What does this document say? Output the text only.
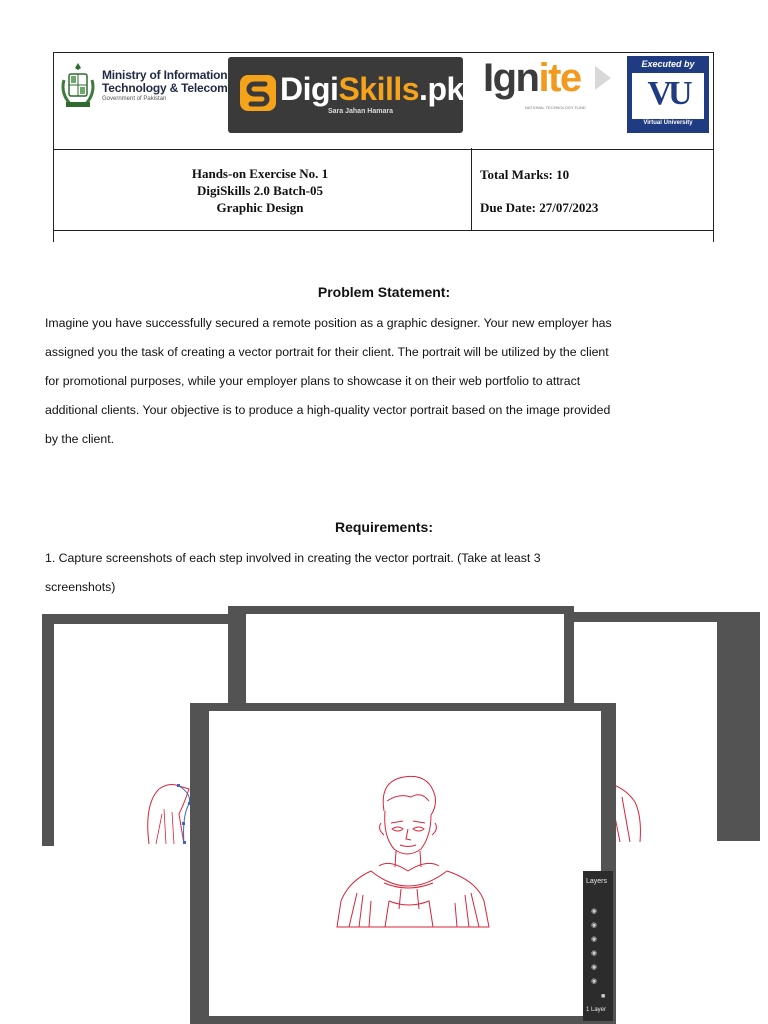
Ministry of Information
Technology & Telecom
Government of Pakistan	DigiSkills.pk
Sara Jahan Hamara
Ignite
NATIONAL TECHNOLOGY FUND
Executed by
VU
Virtual University
Hands-on Exercise No. 1
DigiSkills 2.0 Batch-05
Graphic Design
Total Marks: 10
Due Date: 27/07/2023
Problem Statement:
Imagine you have successfully secured a remote position as a graphic designer. Your new employer has
assigned you the task of creating a vector portrait for their client. The portrait will be utilized by the client
for promotional purposes, while your employer plans to showcase it on their web portfolio to attract
additional clients. Your objective is to produce a high-quality vector portrait based on the image provided
by the client.
Requirements:
1. Capture screenshots of each step involved in creating the vector portrait. (Take at least 3
screenshots)
Layers
◉
◉
◉
◉
◉
◉
■
1 Layer
